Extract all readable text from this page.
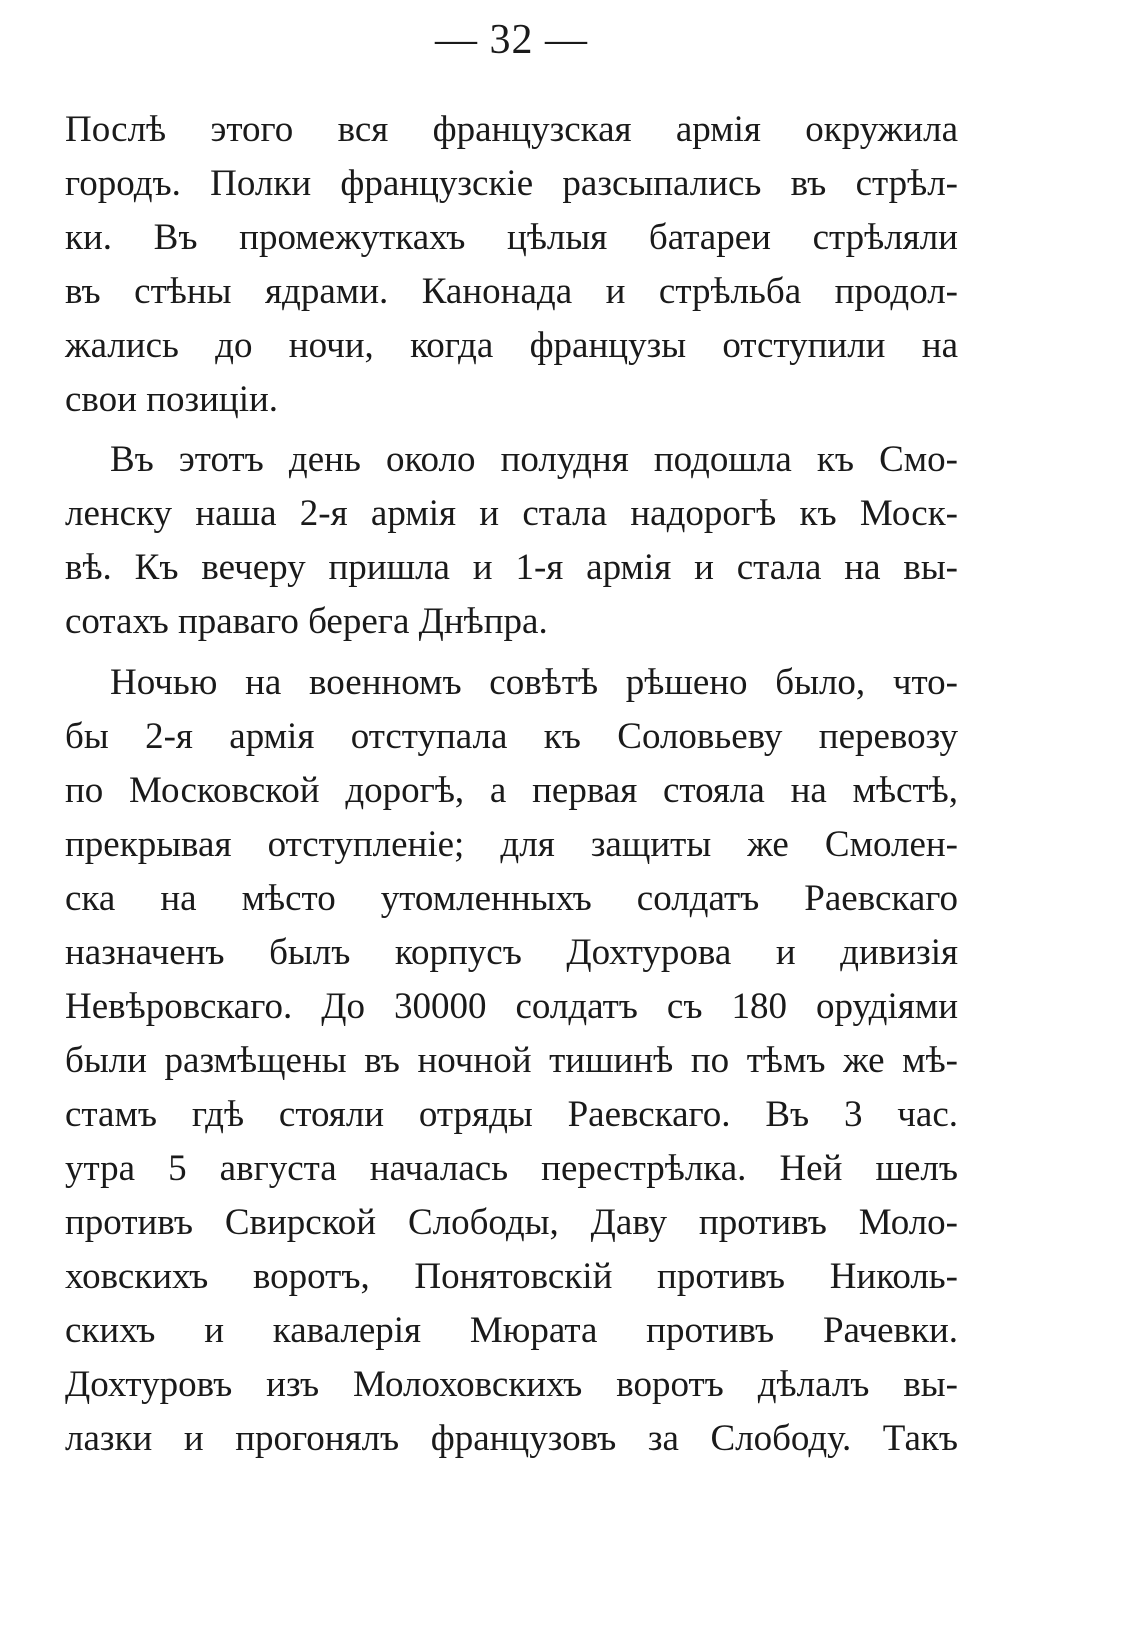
— 32 —
Послѣ этого вся французская армія окружила
городъ. Полки французскіе разсыпались въ стрѣл-
ки. Въ промежуткахъ цѣлыя батареи стрѣляли
въ стѣны ядрами. Канонада и стрѣльба продол-
жались до ночи, когда французы отступили на
свои позиціи.
Въ этотъ день около полудня подошла къ Смо-
ленску наша 2-я армія и стала надорогѣ къ Моск-
вѣ. Къ вечеру пришла и 1-я армія и стала на вы-
сотахъ праваго берега Днѣпра.
Ночью на военномъ совѣтѣ рѣшено было, что-
бы 2-я армія отступала къ Соловьеву перевозу
по Московской дорогѣ, а первая стояла на мѣстѣ,
прекрывая отступленіе; для защиты же Смолен-
ска на мѣсто утомленныхъ солдатъ Раевскаго
назначенъ былъ корпусъ Дохтурова и дивизія
Невѣровскаго. До 30000 солдатъ съ 180 орудіями
были размѣщены въ ночной тишинѣ по тѣмъ же мѣ-
стамъ гдѣ стояли отряды Раевскаго. Въ 3 час.
утра 5 августа началась перестрѣлка. Ней шелъ
противъ Свирской Слободы, Даву противъ Моло-
ховскихъ воротъ, Понятовскій противъ Николь-
скихъ и кавалерія Мюрата противъ Рачевки.
Дохтуровъ изъ Молоховскихъ воротъ дѣлалъ вы-
лазки и прогонялъ французовъ за Слободу. Такъ
